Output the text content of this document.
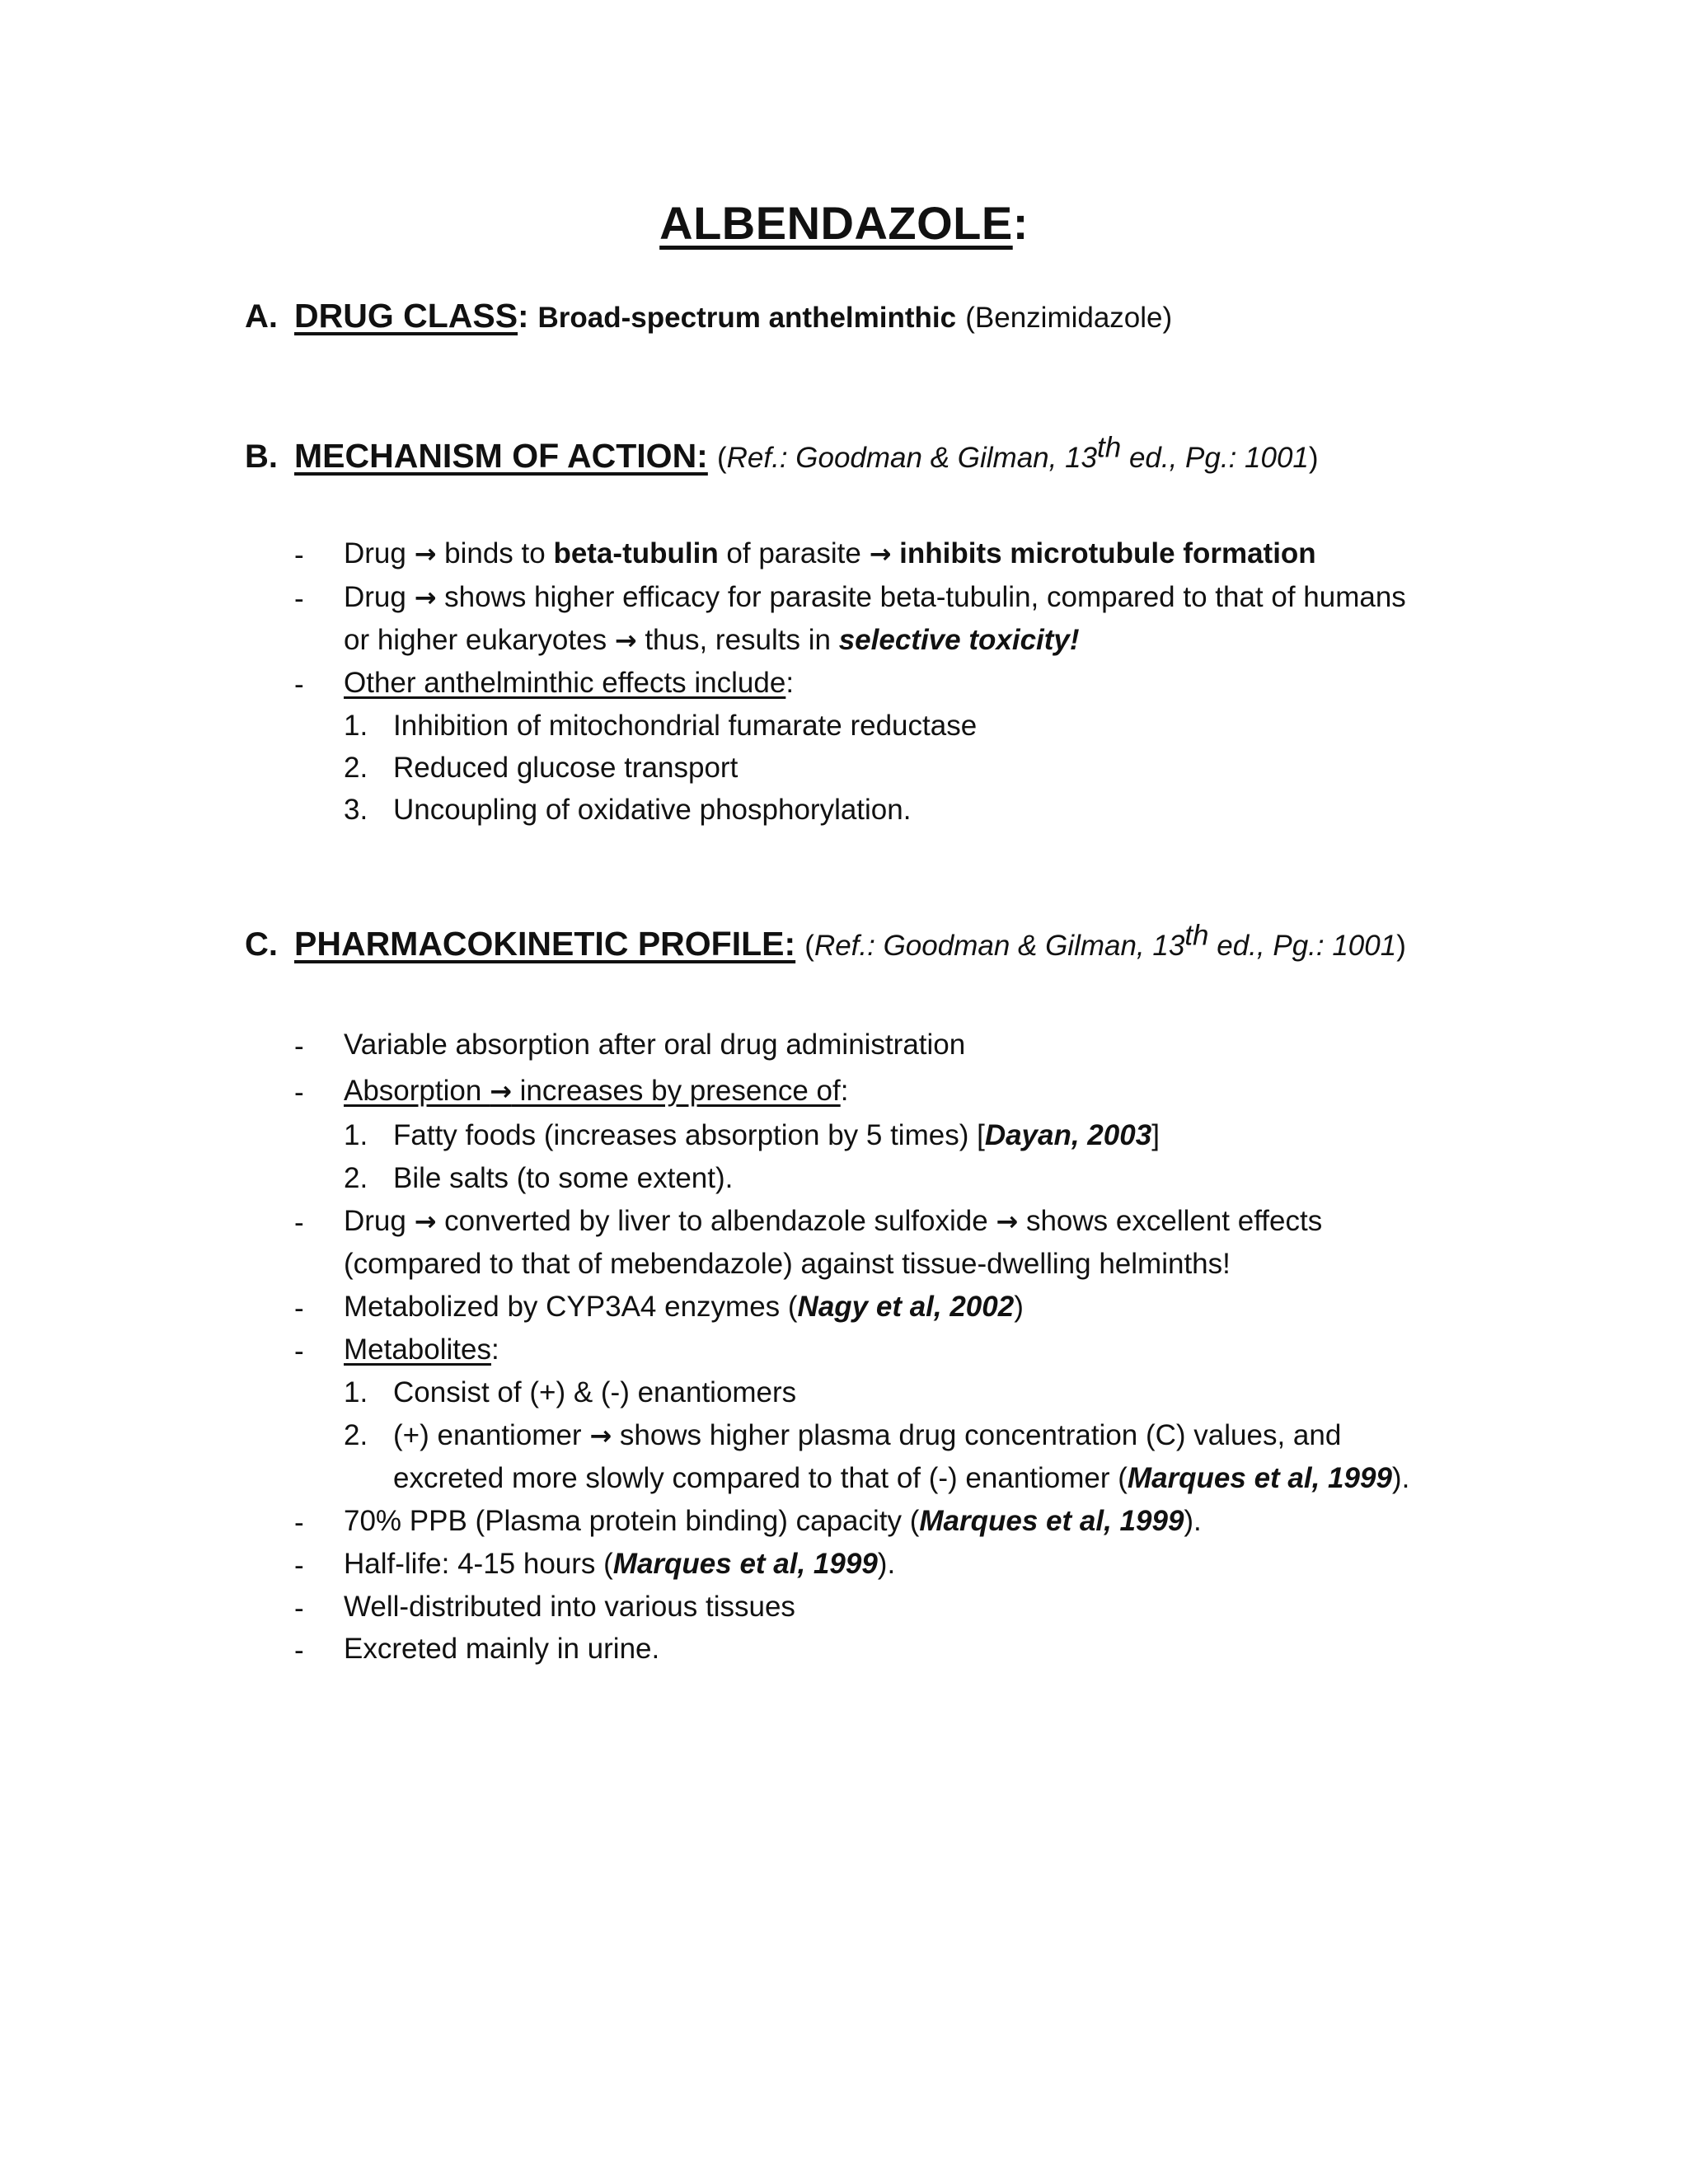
ALBENDAZOLE:
A. DRUG CLASS: Broad-spectrum anthelminthic (Benzimidazole)
B. MECHANISM OF ACTION: (Ref.: Goodman & Gilman, 13th ed., Pg.: 1001)
- Drug → binds to beta-tubulin of parasite → inhibits microtubule formation
- Drug → shows higher efficacy for parasite beta-tubulin, compared to that of humans
or higher eukaryotes → thus, results in selective toxicity!
- Other anthelminthic effects include:
1. Inhibition of mitochondrial fumarate reductase
2. Reduced glucose transport
3. Uncoupling of oxidative phosphorylation.
C. PHARMACOKINETIC PROFILE: (Ref.: Goodman & Gilman, 13th ed., Pg.: 1001)
- Variable absorption after oral drug administration
- Absorption → increases by presence of:
1. Fatty foods (increases absorption by 5 times) [Dayan, 2003]
2. Bile salts (to some extent).
- Drug → converted by liver to albendazole sulfoxide → shows excellent effects
(compared to that of mebendazole) against tissue-dwelling helminths!
- Metabolized by CYP3A4 enzymes (Nagy et al, 2002)
- Metabolites:
1. Consist of (+) & (-) enantiomers
2. (+) enantiomer → shows higher plasma drug concentration (C) values, and
excreted more slowly compared to that of (-) enantiomer (Marques et al, 1999).
- 70% PPB (Plasma protein binding) capacity (Marques et al, 1999).
- Half-life: 4-15 hours (Marques et al, 1999).
- Well-distributed into various tissues
- Excreted mainly in urine.
